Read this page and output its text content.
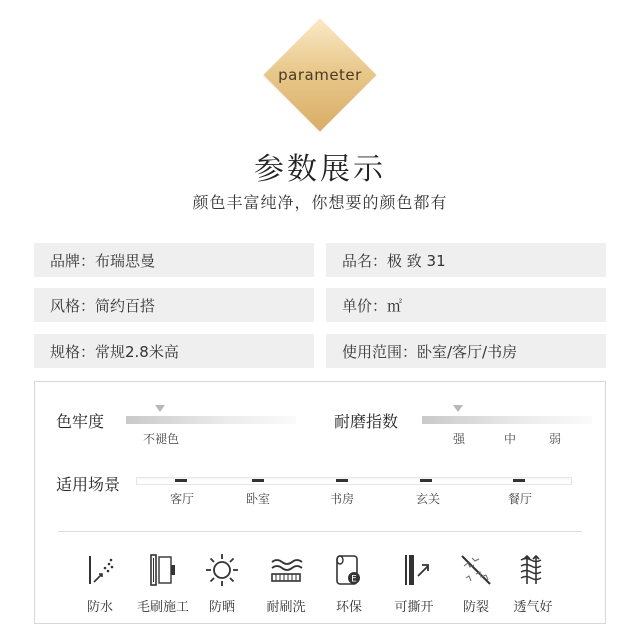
parameter
参数展示
颜色丰富纯净，你想要的颜色都有
品牌：布瑞思曼	品名：极 致 31
风格：简约百搭	单价：㎡
规格：常规2.8米高	使用范围：卧室/客厅/书房
色牢度
不褪色
耐磨指数
强	中	弱
适用场景
客厅	卧室	书房	玄关	餐厅
防水	毛刷施工	防晒	耐刷洗
E
环保	可撕开	防裂	透气好
